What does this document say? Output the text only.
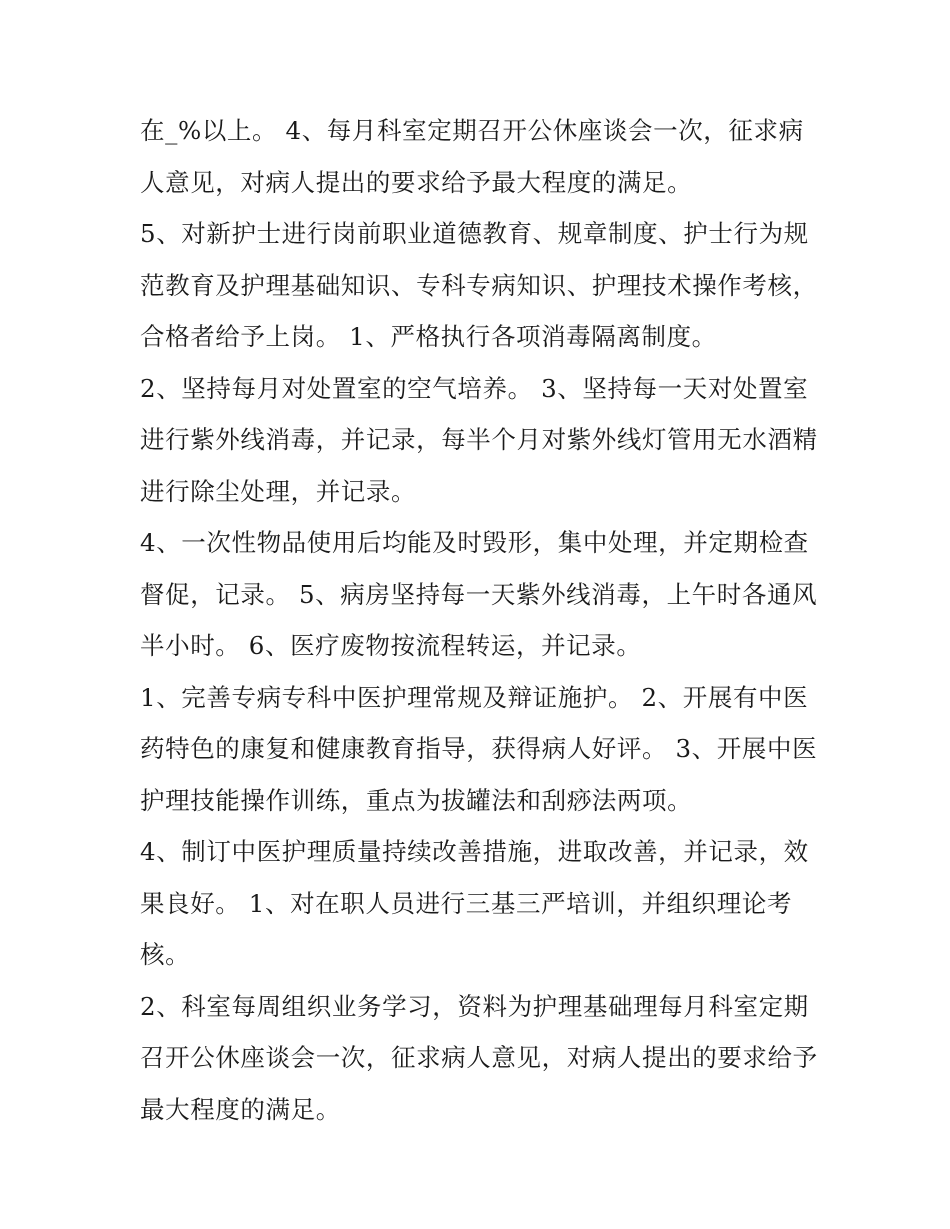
在_%以上。 4、每月科室定期召开公休座谈会一次，征求病
人意见，对病人提出的要求给予最大程度的满足。
5、对新护士进行岗前职业道德教育、规章制度、护士行为规
范教育及护理基础知识、专科专病知识、护理技术操作考核，
合格者给予上岗。 1、严格执行各项消毒隔离制度。
2、坚持每月对处置室的空气培养。 3、坚持每一天对处置室
进行紫外线消毒，并记录，每半个月对紫外线灯管用无水酒精
进行除尘处理，并记录。
4、一次性物品使用后均能及时毁形，集中处理，并定期检查
督促，记录。 5、病房坚持每一天紫外线消毒，上午时各通风
半小时。 6、医疗废物按流程转运，并记录。
1、完善专病专科中医护理常规及辩证施护。 2、开展有中医
药特色的康复和健康教育指导，获得病人好评。 3、开展中医
护理技能操作训练，重点为拔罐法和刮痧法两项。
4、制订中医护理质量持续改善措施，进取改善，并记录，效
果良好。 1、对在职人员进行三基三严培训，并组织理论考
核。
2、科室每周组织业务学习，资料为护理基础理每月科室定期
召开公休座谈会一次，征求病人意见，对病人提出的要求给予
最大程度的满足。
